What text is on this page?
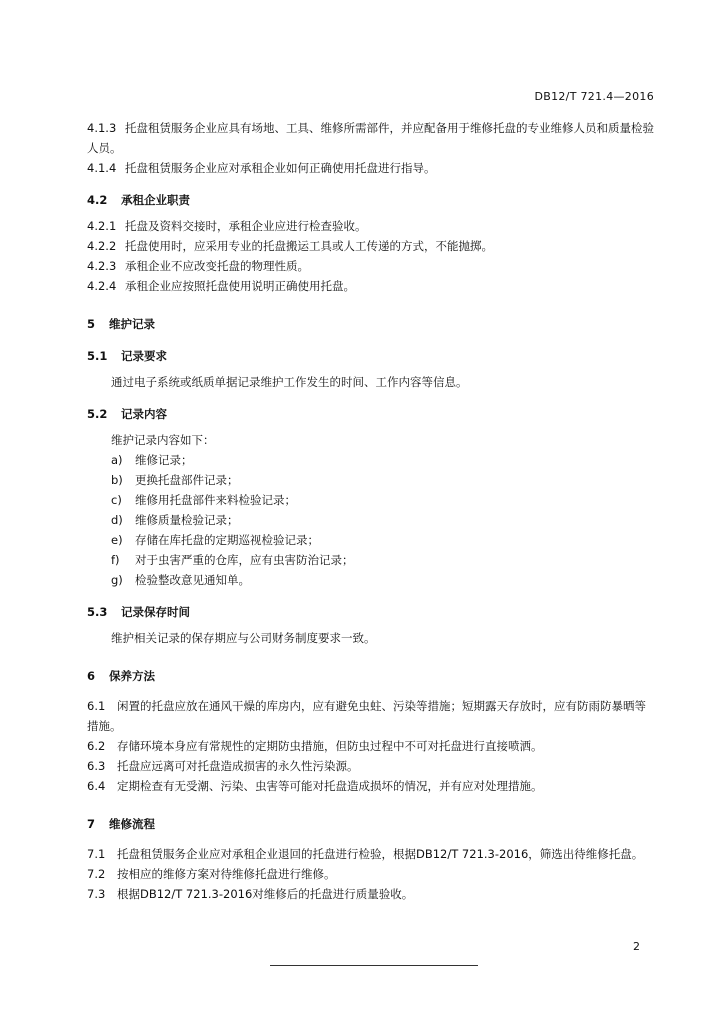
DB12/T 721.4—2016

4.1.3 托盘租赁服务企业应具有场地、工具、维修所需部件，并应配备用于维修托盘的专业维修人员和质量检验人员。

4.1.4 托盘租赁服务企业应对承租企业如何正确使用托盘进行指导。

4.2 承租企业职责

4.2.1 托盘及资料交接时，承租企业应进行检查验收。

4.2.2 托盘使用时，应采用专业的托盘搬运工具或人工传递的方式，不能抛掷。

4.2.3 承租企业不应改变托盘的物理性质。

4.2.4 承租企业应按照托盘使用说明正确使用托盘。

5 维护记录
5.1 记录要求

通过电子系统或纸质单据记录维护工作发生的时间、工作内容等信息。

5.2 记录内容

维护记录内容如下：

a) 维修记录；
b) 更换托盘部件记录；
c) 维修用托盘部件来料检验记录；
d) 维修质量检验记录；
e) 存储在库托盘的定期巡视检验记录；
f) 对于虫害严重的仓库，应有虫害防治记录；
g) 检验整改意见通知单。
5.3 记录保存时间

维护相关记录的保存期应与公司财务制度要求一致。

6 保养方法

6.1 闲置的托盘应放在通风干燥的库房内，应有避免虫蛀、污染等措施；短期露天存放时，应有防雨防暴晒等措施。

6.2 存储环境本身应有常规性的定期防虫措施，但防虫过程中不可对托盘进行直接喷洒。

6.3 托盘应远离可对托盘造成损害的永久性污染源。

6.4 定期检查有无受潮、污染、虫害等可能对托盘造成损坏的情况，并有应对处理措施。

7 维修流程

7.1 托盘租赁服务企业应对承租企业退回的托盘进行检验，根据DB12/T 721.3-2016，筛选出待维修托盘。

7.2 按相应的维修方案对待维修托盘进行维修。

7.3 根据DB12/T 721.3-2016对维修后的托盘进行质量验收。

2
